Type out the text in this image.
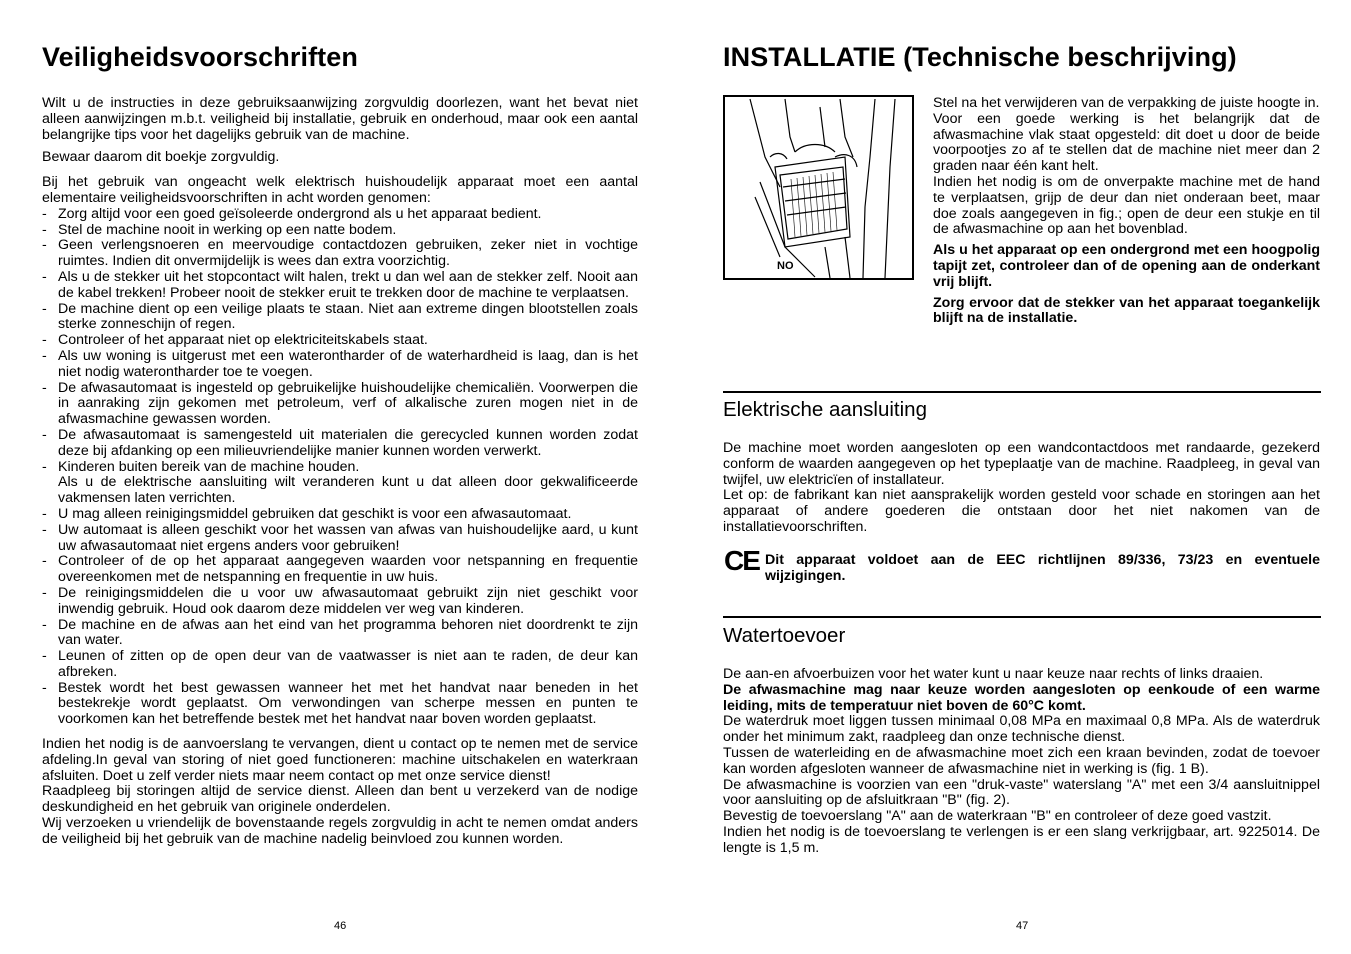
Veiligheidsvoorschriften

Wilt u de instructies in deze gebruiksaanwijzing zorgvuldig doorlezen, want het bevat niet alleen aanwijzingen m.b.t. veiligheid bij installatie, gebruik en onderhoud, maar ook een aantal belangrijke tips voor het dagelijks gebruik van de machine.

Bewaar daarom dit boekje zorgvuldig.

Bij het gebruik van ongeacht welk elektrisch huishoudelijk apparaat moet een aantal elementaire veiligheidsvoorschriften in acht worden genomen:

- Zorg altijd voor een goed geïsoleerde ondergrond als u het apparaat bedient.
- Stel de machine nooit in werking op een natte bodem.
- Geen verlengsnoeren en meervoudige contactdozen gebruiken, zeker niet in vochtige ruimtes. Indien dit onvermijdelijk is wees dan extra voorzichtig.
- Als u de stekker uit het stopcontact wilt halen, trekt u dan wel aan de stekker zelf. Nooit aan de kabel trekken! Probeer nooit de stekker eruit te trekken door de machine te verplaatsen.
- De machine dient op een veilige plaats te staan. Niet aan extreme dingen blootstellen zoals sterke zonneschijn of regen.
- Controleer of het apparaat niet op elektriciteitskabels staat.
- Als uw woning is uitgerust met een waterontharder of de waterhardheid is laag, dan is het niet nodig waterontharder toe te voegen.
- De afwasautomaat is ingesteld op gebruikelijke huishoudelijke chemicaliën. Voorwerpen die in aanraking zijn gekomen met petroleum, verf of alkalische zuren mogen niet in de afwasmachine gewassen worden.
- De afwasautomaat is samengesteld uit materialen die gerecycled kunnen worden zodat deze bij afdanking op een milieuvriendelijke manier kunnen worden verwerkt.
- Kinderen buiten bereik van de machine houden.
Als u de elektrische aansluiting wilt veranderen kunt u dat alleen door gekwalificeerde vakmensen laten verrichten.
- U mag alleen reinigingsmiddel gebruiken dat geschikt is voor een afwasautomaat.
- Uw automaat is alleen geschikt voor het wassen van afwas van huishoudelijke aard, u kunt uw afwasautomaat niet ergens anders voor gebruiken!
- Controleer of de op het apparaat aangegeven waarden voor netspanning en frequentie overeenkomen met de netspanning en frequentie in uw huis.
- De reinigingsmiddelen die u voor uw afwasautomaat gebruikt zijn niet geschikt voor inwendig gebruik. Houd ook daarom deze middelen ver weg van kinderen.
- De machine en de afwas aan het eind van het programma behoren niet doordrenkt te zijn van water.
- Leunen of zitten op de open deur van de vaatwasser is niet aan te raden, de deur kan afbreken.
- Bestek wordt het best gewassen wanneer het met het handvat naar beneden in het bestekrekje wordt geplaatst. Om verwondingen van scherpe messen en punten te voorkomen kan het betreffende bestek met het handvat naar boven worden geplaatst.

Indien het nodig is de aanvoerslang te vervangen, dient u contact op te nemen met de service afdeling.In geval van storing of niet goed functioneren: machine uitschakelen en waterkraan afsluiten. Doet u zelf verder niets maar neem contact op met onze service dienst!

Raadpleeg bij storingen altijd de service dienst. Alleen dan bent u verzekerd van de nodige deskundigheid en het gebruik van originele onderdelen.

Wij verzoeken u vriendelijk de bovenstaande regels zorgvuldig in acht te nemen omdat anders de veiligheid bij het gebruik van de machine nadelig beinvloed zou kunnen worden.

46
INSTALLATIE (Technische beschrijving)
NO

Stel na het verwijderen van de verpakking de juiste hoogte in.
Voor een goede werking is het belangrijk dat de afwasmachine vlak staat opgesteld: dit doet u door de beide voorpootjes zo af te stellen dat de machine niet meer dan 2 graden naar één kant helt.
Indien het nodig is om de onverpakte machine met de hand te verplaatsen, grijp de deur dan niet onderaan beet, maar doe zoals aangegeven in fig.; open de deur een stukje en til de afwasmachine op aan het bovenblad.

Als u het apparaat op een ondergrond met een hoogpolig tapijt zet, controleer dan of de opening aan de onderkant vrij blijft.

Zorg ervoor dat de stekker van het apparaat toegankelijk blijft na de installatie.

Elektrische aansluiting

De machine moet worden aangesloten op een wandcontactdoos met randaarde, gezekerd conform de waarden aangegeven op het typeplaatje van de machine. Raadpleeg, in geval van twijfel, uw elektricïen of installateur.
Let op: de fabrikant kan niet aansprakelijk worden gesteld voor schade en storingen aan het apparaat of andere goederen die ontstaan door het niet nakomen van de installatievoorschriften.

CE Dit apparaat voldoet aan de EEC richtlijnen 89/336, 73/23 en eventuele wijzigingen.

Watertoevoer

De aan-en afvoerbuizen voor het water kunt u naar keuze naar rechts of links draaien.

De afwasmachine mag naar keuze worden aangesloten op eenkoude of een warme leiding, mits de temperatuur niet boven de 60°C komt.

De waterdruk moet liggen tussen minimaal 0,08 MPa en maximaal 0,8 MPa. Als de waterdruk onder het minimum zakt, raadpleeg dan onze technische dienst.
Tussen de waterleiding en de afwasmachine moet zich een kraan bevinden, zodat de toevoer kan worden afgesloten wanneer de afwasmachine niet in werking is (fig. 1 B).
De afwasmachine is voorzien van een "druk-vaste" waterslang "A" met een 3/4 aansluitnippel voor aansluiting op de afsluitkraan "B" (fig. 2).
Bevestig de toevoerslang "A" aan de waterkraan "B" en controleer of deze goed vastzit.
Indien het nodig is de toevoerslang te verlengen is er een slang verkrijgbaar, art. 9225014. De lengte is 1,5 m.

47
